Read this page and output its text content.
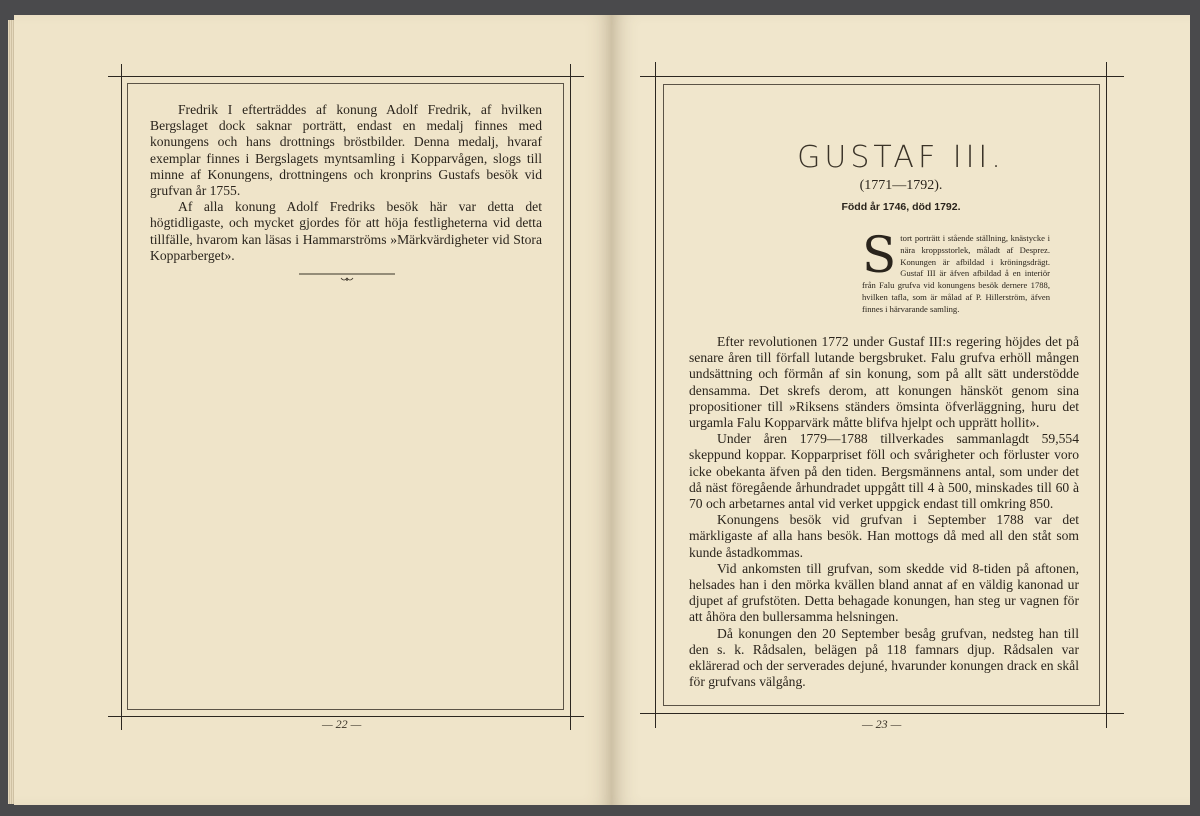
Fredrik I efterträddes af konung Adolf Fredrik, af hvilken Bergslaget dock saknar porträtt, endast en medalj finnes med konungens och hans drottnings bröstbilder. Denna medalj, hvaraf exemplar finnes i Bergslagets myntsamling i Kopparvågen, slogs till minne af Konungens, drottningens och kronprins Gustafs besök vid grufvan år 1755.

Af alla konung Adolf Fredriks besök här var detta det högtidligaste, och mycket gjordes för att höja festligheterna vid detta tillfälle, hvarom kan läsas i Hammarströms »Märkvärdigheter vid Stora Kopparberget».

— 22 —
GUSTAF III.
(1771—1792).
Född år 1746, död 1792.
S tort porträtt i stående ställning, knästycke i nära kroppsstorlek, måladt af Desprez. Konungen är afbildad i kröningsdrägt. Gustaf III är äfven afbildad å en interiör från Falu grufva vid konungens besök dernere 1788, hvilken tafla, som är målad af P. Hillerström, äfven finnes i härvarande samling.

Efter revolutionen 1772 under Gustaf III:s regering höjdes det på senare åren till förfall lutande bergsbruket. Falu grufva erhöll mången undsättning och förmån af sin konung, som på allt sätt understödde densamma. Det skrefs derom, att konungen hänsköt genom sina propositioner till »Riksens ständers ömsinta öfverläggning, huru det urgamla Falu Kopparvärk måtte blifva hjelpt och upprätt hollit».

Under åren 1779—1788 tillverkades sammanlagdt 59,554 skeppund koppar. Kopparpriset föll och svårigheter och förluster voro icke obekanta äfven på den tiden. Bergsmännens antal, som under det då näst föregående århundradet uppgått till 4 à 500, minskades till 60 à 70 och arbetarnes antal vid verket uppgick endast till omkring 850.

Konungens besök vid grufvan i September 1788 var det märkligaste af alla hans besök. Han mottogs då med all den ståt som kunde åstadkommas.

Vid ankomsten till grufvan, som skedde vid 8-tiden på aftonen, helsades han i den mörka kvällen bland annat af en väldig kanonad ur djupet af grufstöten. Detta behagade konungen, han steg ur vagnen för att åhöra den bullersamma helsningen.

Då konungen den 20 September besåg grufvan, nedsteg han till den s. k. Rådsalen, belägen på 118 famnars djup. Rådsalen var eklärerad och der serverades dejuné, hvarunder konungen drack en skål för grufvans välgång.

— 23 —
